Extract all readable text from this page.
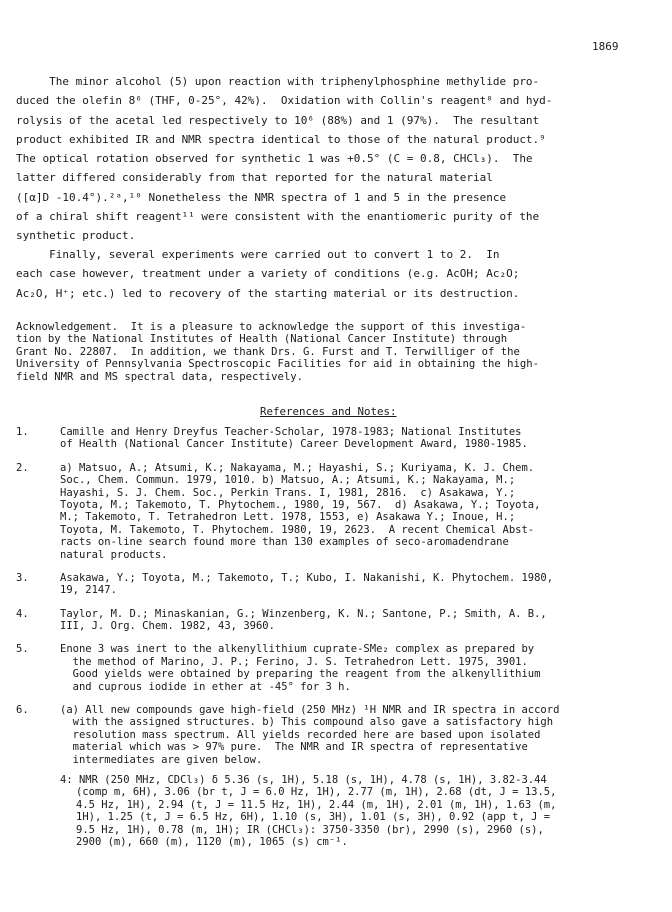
1869
The minor alcohol (5) upon reaction with triphenylphosphine methylide pro-
duced the olefin 8⁶ (THF, 0-25°, 42%).  Oxidation with Collin's reagent⁸ and hyd-
rolysis of the acetal led respectively to 10⁶ (88%) and 1 (97%).  The resultant
product exhibited IR and NMR spectra identical to those of the natural product.⁹
The optical rotation observed for synthetic 1 was +0.5° (C = 0.8, CHCl₃).  The
latter differed considerably from that reported for the natural material
([α]D -10.4°).²ᵃ,¹⁰ Nonetheless the NMR spectra of 1 and 5 in the presence
of a chiral shift reagent¹¹ were consistent with the enantiomeric purity of the
synthetic product.
Finally, several experiments were carried out to convert 1 to 2.  In
each case however, treatment under a variety of conditions (e.g. AcOH; Ac₂O;
Ac₂O, H⁺; etc.) led to recovery of the starting material or its destruction.
Acknowledgement.  It is a pleasure to acknowledge the support of this investiga-
tion by the National Institutes of Health (National Cancer Institute) through
Grant No. 22807.  In addition, we thank Drs. G. Furst and T. Terwilliger of the
University of Pennsylvania Spectroscopic Facilities for aid in obtaining the high-
field NMR and MS spectral data, respectively.
References and Notes:
1.	Camille and Henry Dreyfus Teacher-Scholar, 1978-1983; National Institutes
of Health (National Cancer Institute) Career Development Award, 1980-1985.
2.	a) Matsuo, A.; Atsumi, K.; Nakayama, M.; Hayashi, S.; Kuriyama, K. J. Chem.
Soc., Chem. Commun. 1979, 1010. b) Matsuo, A.; Atsumi, K.; Nakayama, M.;
Hayashi, S. J. Chem. Soc., Perkin Trans. I, 1981, 2816.  c) Asakawa, Y.;
Toyota, M.; Takemoto, T. Phytochem., 1980, 19, 567.  d) Asakawa, Y.; Toyota,
M.; Takemoto, T. Tetrahedron Lett. 1978, 1553, e) Asakawa Y.; Inoue, H.;
Toyota, M. Takemoto, T. Phytochem. 1980, 19, 2623.  A recent Chemical Abst-
racts on-line search found more than 130 examples of seco-aromadendrane
natural products.
3.	Asakawa, Y.; Toyota, M.; Takemoto, T.; Kubo, I. Nakanishi, K. Phytochem. 1980,
19, 2147.
4.	Taylor, M. D.; Minaskanian, G.; Winzenberg, K. N.; Santone, P.; Smith, A. B.,
III, J. Org. Chem. 1982, 43, 3960.
5.	Enone 3 was inert to the alkenyllithium cuprate-SMe₂ complex as prepared by
the method of Marino, J. P.; Ferino, J. S. Tetrahedron Lett. 1975, 3901.
Good yields were obtained by preparing the reagent from the alkenyllithium
and cuprous iodide in ether at -45° for 3 h.
6.	(a) All new compounds gave high-field (250 MHz) ¹H NMR and IR spectra in accord
with the assigned structures. b) This compound also gave a satisfactory high
resolution mass spectrum. All yields recorded here are based upon isolated
material which was > 97% pure.  The NMR and IR spectra of representative
intermediates are given below.
4: NMR (250 MHz, CDCl₃) δ 5.36 (s, 1H), 5.18 (s, 1H), 4.78 (s, 1H), 3.82-3.44
(comp m, 6H), 3.06 (br t, J = 6.0 Hz, 1H), 2.77 (m, 1H), 2.68 (dt, J = 13.5,
4.5 Hz, 1H), 2.94 (t, J = 11.5 Hz, 1H), 2.44 (m, 1H), 2.01 (m, 1H), 1.63 (m,
1H), 1.25 (t, J = 6.5 Hz, 6H), 1.10 (s, 3H), 1.01 (s, 3H), 0.92 (app t, J =
9.5 Hz, 1H), 0.78 (m, 1H); IR (CHCl₃): 3750-3350 (br), 2990 (s), 2960 (s),
2900 (m), 660 (m), 1120 (m), 1065 (s) cm⁻¹.
